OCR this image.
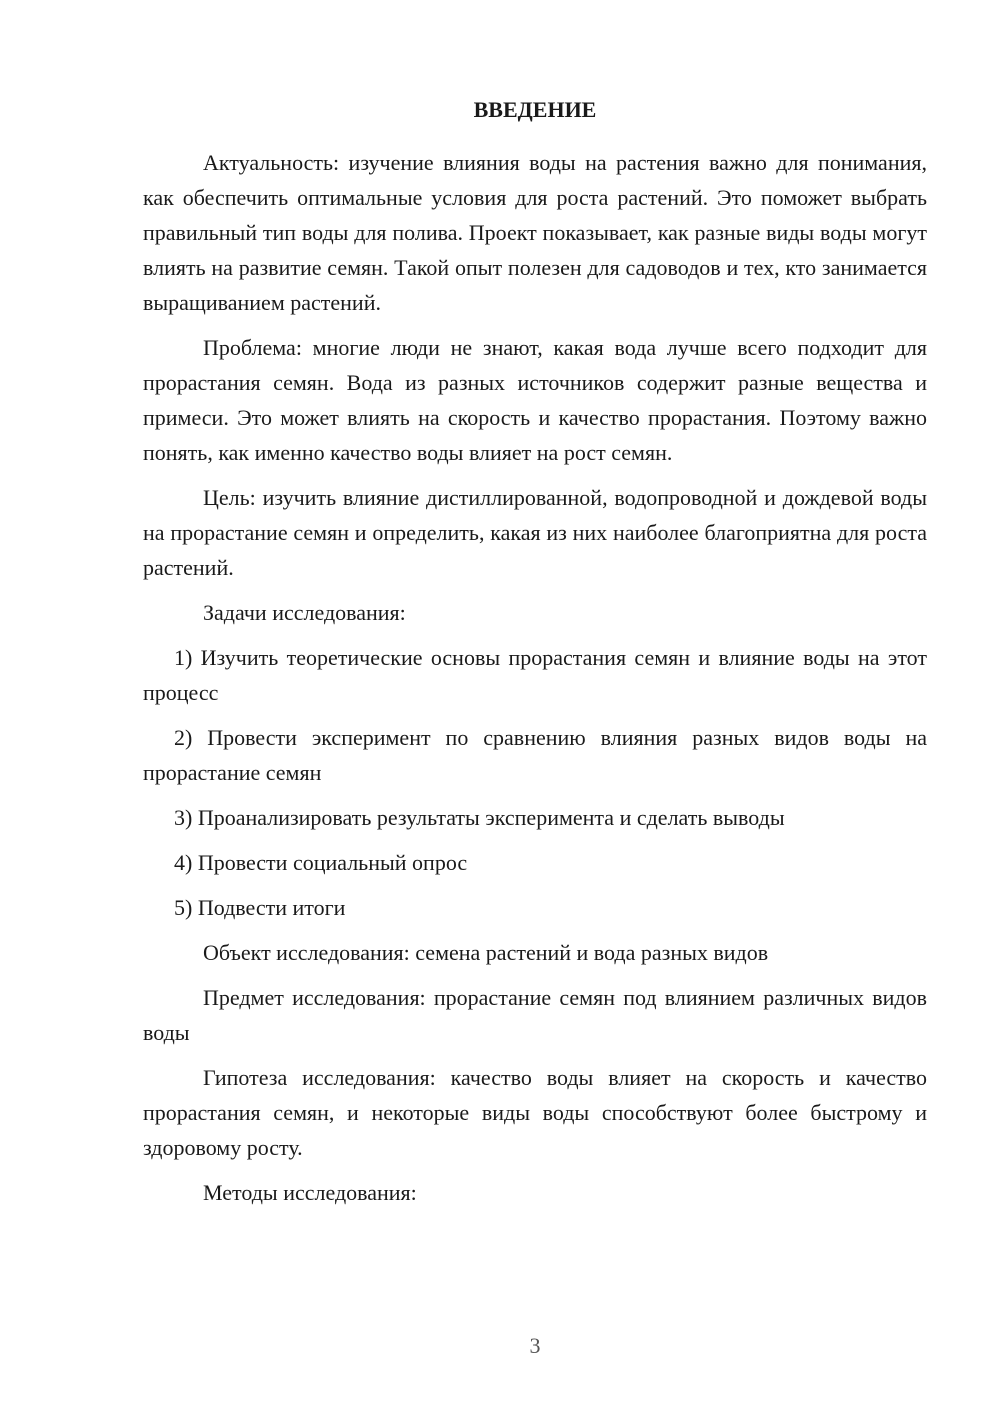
ВВЕДЕНИЕ

Актуальность: изучение влияния воды на растения важно для понимания, как обеспечить оптимальные условия для роста растений. Это поможет выбрать правильный тип воды для полива. Проект показывает, как разные виды воды могут влиять на развитие семян. Такой опыт полезен для садоводов и тех, кто занимается выращиванием растений.

Проблема: многие люди не знают, какая вода лучше всего подходит для прорастания семян. Вода из разных источников содержит разные вещества и примеси. Это может влиять на скорость и качество прорастания. Поэтому важно понять, как именно качество воды влияет на рост семян.

Цель: изучить влияние дистиллированной, водопроводной и дождевой воды на прорастание семян и определить, какая из них наиболее благоприятна для роста растений.

Задачи исследования:

1) Изучить теоретические основы прорастания семян и влияние воды на этот процесс

2) Провести эксперимент по сравнению влияния разных видов воды на прорастание семян

3) Проанализировать результаты эксперимента и сделать выводы

4) Провести социальный опрос

5) Подвести итоги

Объект исследования: семена растений и вода разных видов

Предмет исследования: прорастание семян под влиянием различных видов воды

Гипотеза исследования: качество воды влияет на скорость и качество прорастания семян, и некоторые виды воды способствуют более быстрому и здоровому росту.

Методы исследования:

3
